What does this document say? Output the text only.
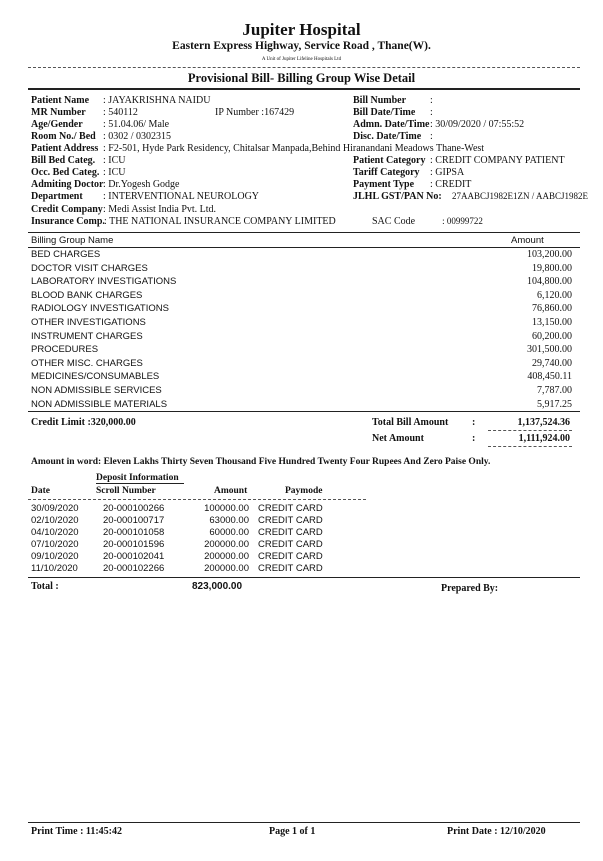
Jupiter Hospital
Eastern Express Highway, Service Road , Thane(W).
A Unit of Jupiter Lifeline Hospitals Ltd
Provisional Bill- Billing Group Wise Detail
Patient Name : JAYAKRISHNA NAIDU
MR Number : 540112
Age/Gender : 51.04.06/ Male
Room No./ Bed : 0302 / 0302315
Patient Address : F2-501, Hyde Park Residency, Chitalsar Manpada,Behind Hiranandani Meadows Thane-West
Bill Bed Categ. : ICU
Occ. Bed Categ. : ICU
Admiting Doctor : Dr.Yogesh Godge
Department : INTERVENTIONAL NEUROLOGY
Credit Company : Medi Assist India Pvt. Ltd.
Insurance Comp. : THE NATIONAL INSURANCE COMPANY LIMITED
IP Number :167429
Bill Number :
Bill Date/Time :
Admn. Date/Time : 30/09/2020 / 07:55:52
Disc. Date/Time :
Patient Category : CREDIT COMPANY PATIENT
Tariff Category : GIPSA
Payment Type : CREDIT
JLHL GST/PAN No: 27AABCJ1982E1ZN / AABCJ1982E
SAC Code	: 00999722
Billing Group Name	Amount
BED CHARGES	103,200.00
DOCTOR VISIT CHARGES	19,800.00
LABORATORY INVESTIGATIONS	104,800.00
BLOOD BANK CHARGES	6,120.00
RADIOLOGY INVESTIGATIONS	76,860.00
OTHER INVESTIGATIONS	13,150.00
INSTRUMENT CHARGES	60,200.00
PROCEDURES	301,500.00
OTHER MISC. CHARGES	29,740.00
MEDICINES/CONSUMABLES	408,450.11
NON ADMISSIBLE SERVICES	7,787.00
NON ADMISSIBLE MATERIALS	5,917.25
Credit Limit :320,000.00	Total Bill Amount :	1,137,524.36
Net Amount	:	1,111,924.00
Amount in word: Eleven Lakhs Thirty Seven Thousand Five Hundred Twenty Four Rupees And Zero Paise Only.
Deposit Information
Date	Scroll Number	Amount	Paymode
30/09/2020	20-000100266	100000.00 CREDIT CARD
02/10/2020	20-000100717	63000.00 CREDIT CARD
04/10/2020	20-000101058	60000.00 CREDIT CARD
07/10/2020	20-000101596	200000.00 CREDIT CARD
09/10/2020	20-000102041	200000.00 CREDIT CARD
11/10/2020	20-000102266	200000.00 CREDIT CARD
Total :	823,000.00	Prepared By:
Print Time : 11:45:42	Page 1 of 1	Print Date : 12/10/2020
